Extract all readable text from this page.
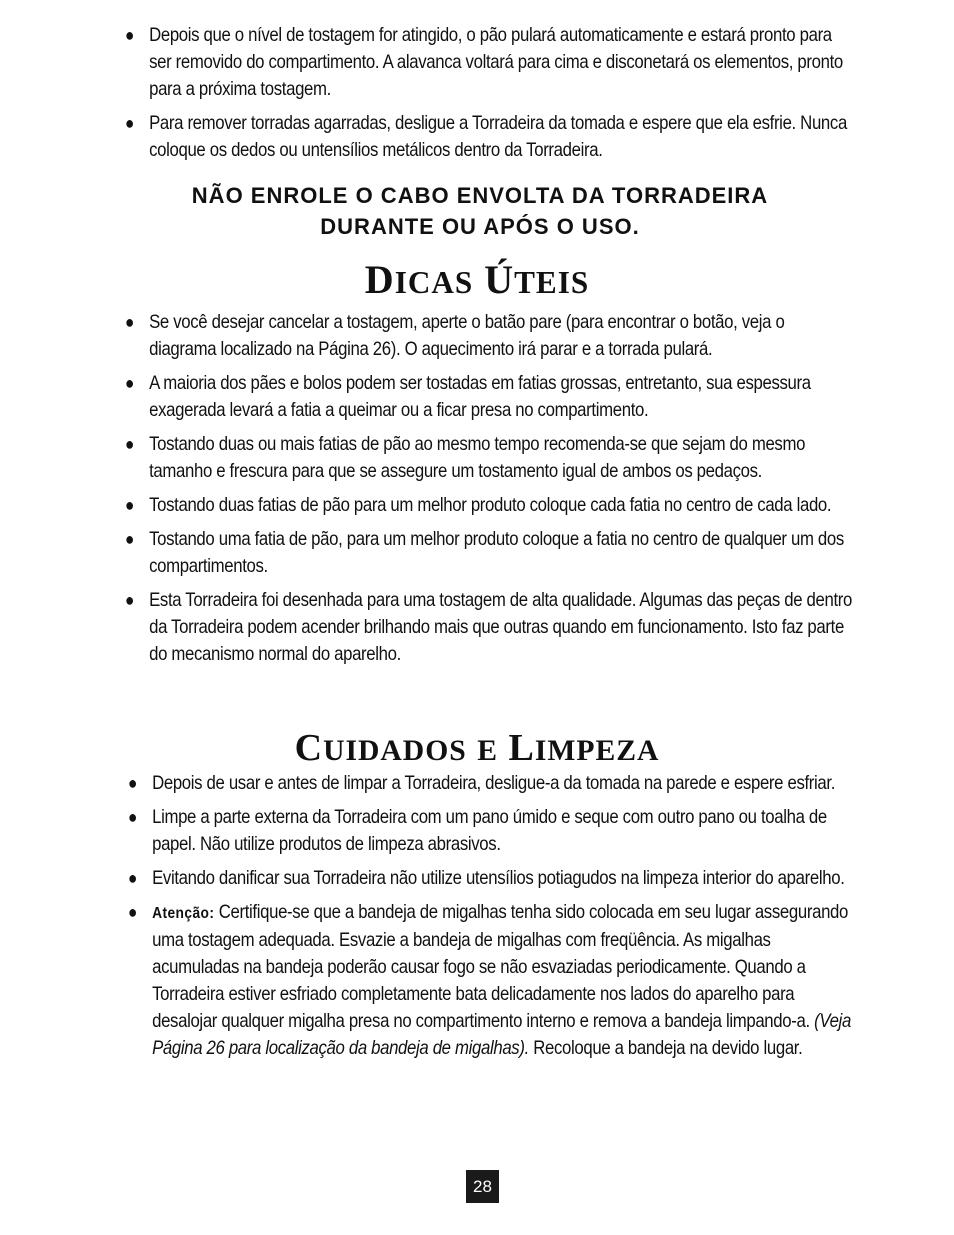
● Depois que o nível de tostagem for atingido, o pão pulará automaticamente e estará pronto para ser removido do compartimento. A alavanca voltará para cima e disconetará os elementos, pronto para a próxima tostagem.
● Para remover torradas agarradas, desligue a Torradeira da tomada e espere que ela esfrie. Nunca coloque os dedos ou untensílios metálicos dentro da Torradeira.
NÃO ENROLE O CABO ENVOLTA DA TORRADEIRA
DURANTE OU APÓS O USO.
DICAS ÚTEIS
● Se você desejar cancelar a tostagem, aperte o batão pare (para encontrar o botão, veja o diagrama localizado na Página 26). O aquecimento irá parar e a torrada pulará.
● A maioria dos pães e bolos podem ser tostadas em fatias grossas, entretanto, sua espessura exagerada levará a fatia a queimar ou a ficar presa no compartimento.
● Tostando duas ou mais fatias de pão ao mesmo tempo recomenda-se que sejam do mesmo tamanho e frescura para que se assegure um tostamento igual de ambos os pedaços.
● Tostando duas fatias de pão para um melhor produto coloque cada fatia no centro de cada lado.
● Tostando uma fatia de pão, para um melhor produto coloque a fatia no centro de qualquer um dos compartimentos.
● Esta Torradeira foi desenhada para uma tostagem de alta qualidade. Algumas das peças de dentro da Torradeira podem acender brilhando mais que outras quando em funcionamento. Isto faz parte do mecanismo normal do aparelho.
CUIDADOS E LIMPEZA
● Depois de usar e antes de limpar a Torradeira, desligue-a da tomada na parede e espere esfriar.
● Limpe a parte externa da Torradeira com um pano úmido e seque com outro pano ou toalha de papel. Não utilize produtos de limpeza abrasivos.
● Evitando danificar sua Torradeira não utilize utensílios potiagudos na limpeza interior do aparelho.
● Atenção: Certifique-se que a bandeja de migalhas tenha sido colocada em seu lugar assegurando uma tostagem adequada. Esvazie a bandeja de migalhas com freqüência. As migalhas acumuladas na bandeja poderão causar fogo se não esvaziadas periodicamente. Quando a Torradeira estiver esfriado completamente bata delicadamente nos lados do aparelho para desalojar qualquer migalha presa no compartimento interno e remova a bandeja limpando-a. (Veja Página 26 para localização da bandeja de migalhas). Recoloque a bandeja na devido lugar.
28
